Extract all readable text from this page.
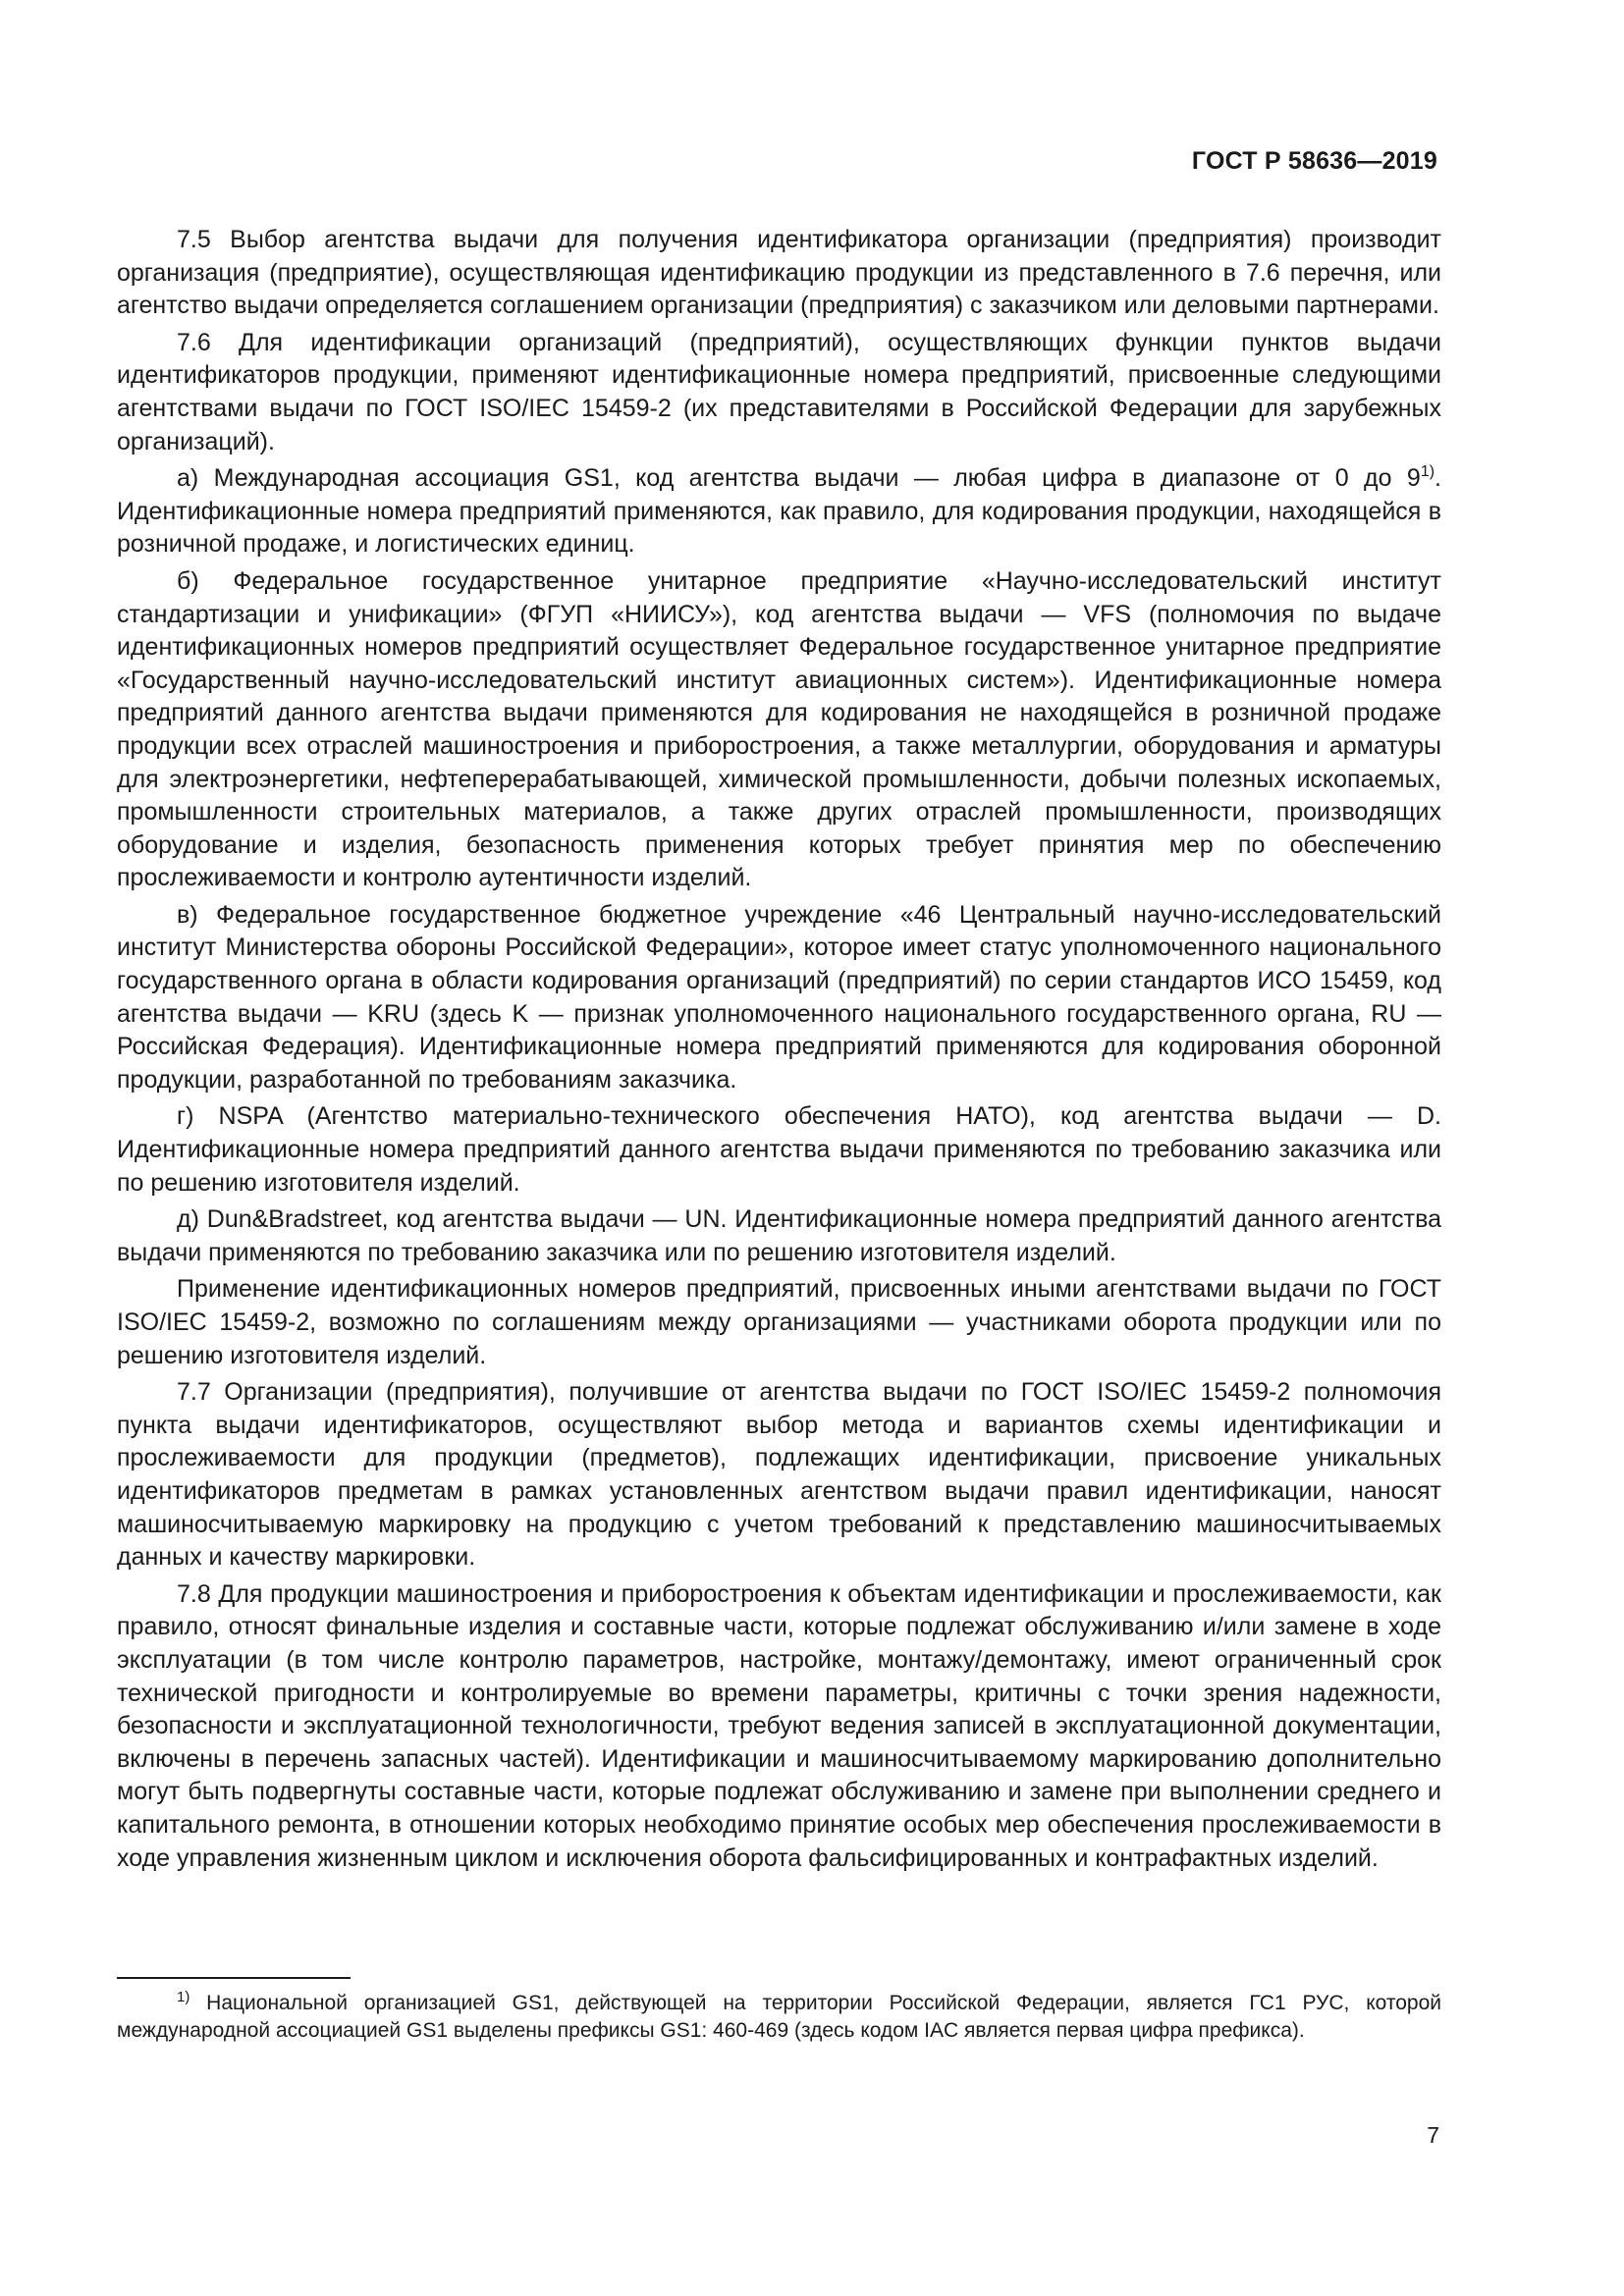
ГОСТ Р 58636—2019

7.5 Выбор агентства выдачи для получения идентификатора организации (предприятия) производит организация (предприятие), осуществляющая идентификацию продукции из представленного в 7.6 перечня, или агентство выдачи определяется соглашением организации (предприятия) с заказчиком или деловыми партнерами.

7.6 Для идентификации организаций (предприятий), осуществляющих функции пунктов выдачи идентификаторов продукции, применяют идентификационные номера предприятий, присвоенные следующими агентствами выдачи по ГОСТ ISO/IEC 15459-2 (их представителями в Российской Федерации для зарубежных организаций).

а) Международная ассоциация GS1, код агентства выдачи — любая цифра в диапазоне от 0 до 9$^{1)}$. Идентификационные номера предприятий применяются, как правило, для кодирования продукции, находящейся в розничной продаже, и логистических единиц.

б) Федеральное государственное унитарное предприятие «Научно-исследовательский институт стандартизации и унификации» (ФГУП «НИИСУ»), код агентства выдачи — VFS (полномочия по выдаче идентификационных номеров предприятий осуществляет Федеральное государственное унитарное предприятие «Государственный научно-исследовательский институт авиационных систем»). Идентификационные номера предприятий данного агентства выдачи применяются для кодирования не находящейся в розничной продаже продукции всех отраслей машиностроения и приборостроения, а также металлургии, оборудования и арматуры для электроэнергетики, нефтеперерабатывающей, химической промышленности, добычи полезных ископаемых, промышленности строительных материалов, а также других отраслей промышленности, производящих оборудование и изделия, безопасность применения которых требует принятия мер по обеспечению прослеживаемости и контролю аутентичности изделий.

в) Федеральное государственное бюджетное учреждение «46 Центральный научно-исследовательский институт Министерства обороны Российской Федерации», которое имеет статус уполномоченного национального государственного органа в области кодирования организаций (предприятий) по серии стандартов ИСО 15459, код агентства выдачи — KRU (здесь K — признак уполномоченного национального государственного органа, RU — Российская Федерация). Идентификационные номера предприятий применяются для кодирования оборонной продукции, разработанной по требованиям заказчика.

г) NSPA (Агентство материально-технического обеспечения НАТО), код агентства выдачи — D. Идентификационные номера предприятий данного агентства выдачи применяются по требованию заказчика или по решению изготовителя изделий.

д) Dun&Bradstreet, код агентства выдачи — UN. Идентификационные номера предприятий данного агентства выдачи применяются по требованию заказчика или по решению изготовителя изделий.

Применение идентификационных номеров предприятий, присвоенных иными агентствами выдачи по ГОСТ ISO/IEC 15459-2, возможно по соглашениям между организациями — участниками оборота продукции или по решению изготовителя изделий.

7.7 Организации (предприятия), получившие от агентства выдачи по ГОСТ ISO/IEC 15459-2 полномочия пункта выдачи идентификаторов, осуществляют выбор метода и вариантов схемы идентификации и прослеживаемости для продукции (предметов), подлежащих идентификации, присвоение уникальных идентификаторов предметам в рамках установленных агентством выдачи правил идентификации, наносят машиносчитываемую маркировку на продукцию с учетом требований к представлению машиносчитываемых данных и качеству маркировки.

7.8 Для продукции машиностроения и приборостроения к объектам идентификации и прослеживаемости, как правило, относят финальные изделия и составные части, которые подлежат обслуживанию и/или замене в ходе эксплуатации (в том числе контролю параметров, настройке, монтажу/демонтажу, имеют ограниченный срок технической пригодности и контролируемые во времени параметры, критичны с точки зрения надежности, безопасности и эксплуатационной технологичности, требуют ведения записей в эксплуатационной документации, включены в перечень запасных частей). Идентификации и машиносчитываемому маркированию дополнительно могут быть подвергнуты составные части, которые подлежат обслуживанию и замене при выполнении среднего и капитального ремонта, в отношении которых необходимо принятие особых мер обеспечения прослеживаемости в ходе управления жизненным циклом и исключения оборота фальсифицированных и контрафактных изделий.

$^{1)}$ Национальной организацией GS1, действующей на территории Российской Федерации, является ГС1 РУС, которой международной ассоциацией GS1 выделены префиксы GS1: 460-469 (здесь кодом IAC является первая цифра префикса).

7
